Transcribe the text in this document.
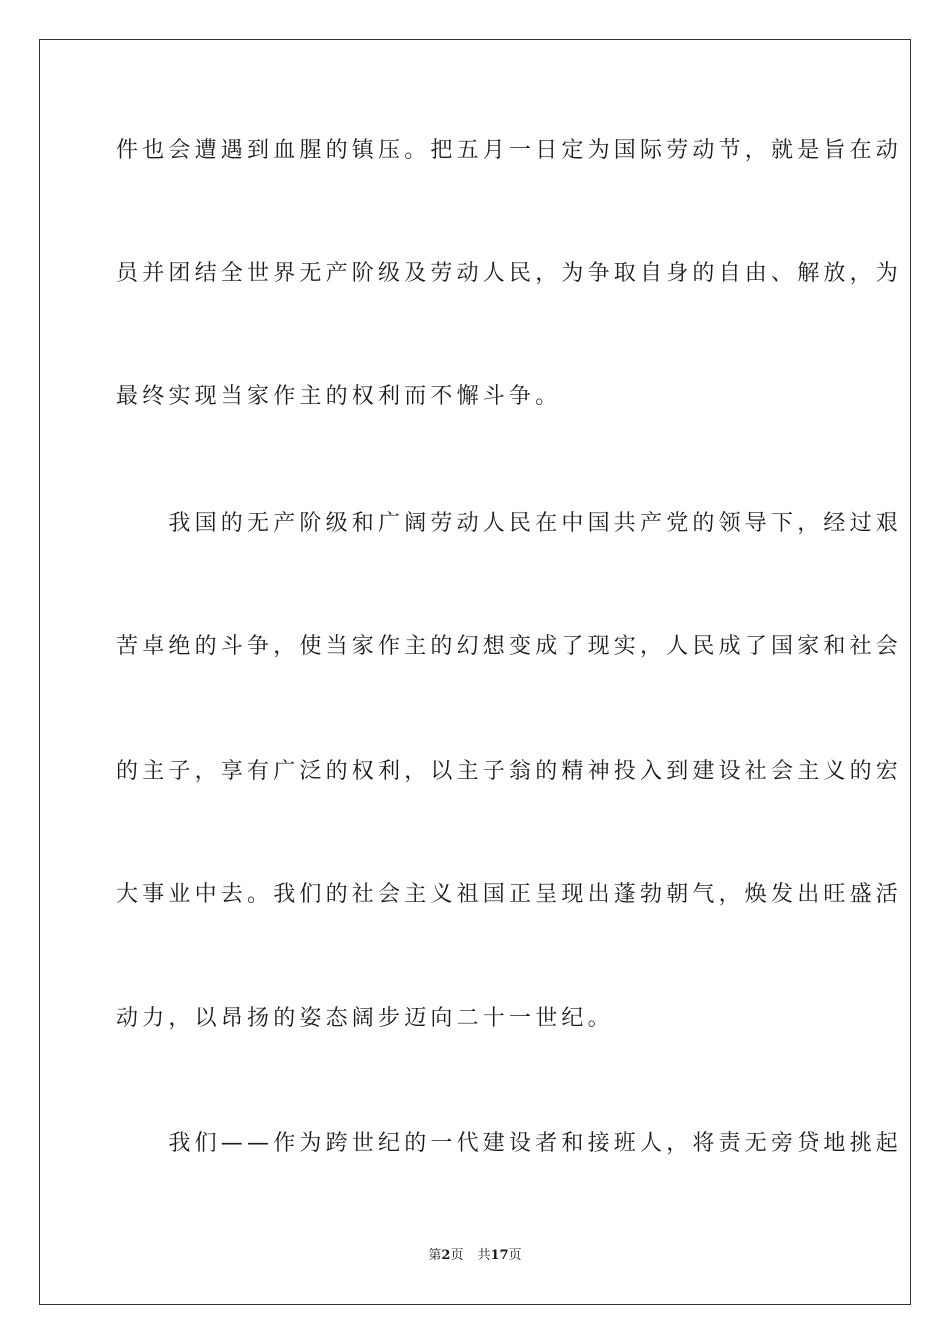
件也会遭遇到血腥的镇压。把五月一日定为国际劳动节，就是旨在动
员并团结全世界无产阶级及劳动人民，为争取自身的自由、解放，为
最终实现当家作主的权利而不懈斗争。
　　我国的无产阶级和广阔劳动人民在中国共产党的领导下，经过艰
苦卓绝的斗争，使当家作主的幻想变成了现实，人民成了国家和社会
的主子，享有广泛的权利，以主子翁的精神投入到建设社会主义的宏
大事业中去。我们的社会主义祖国正呈现出蓬勃朝气，焕发出旺盛活
动力，以昂扬的姿态阔步迈向二十一世纪。
　　我们——作为跨世纪的一代建设者和接班人，将责无旁贷地挑起
第2页 共17页
